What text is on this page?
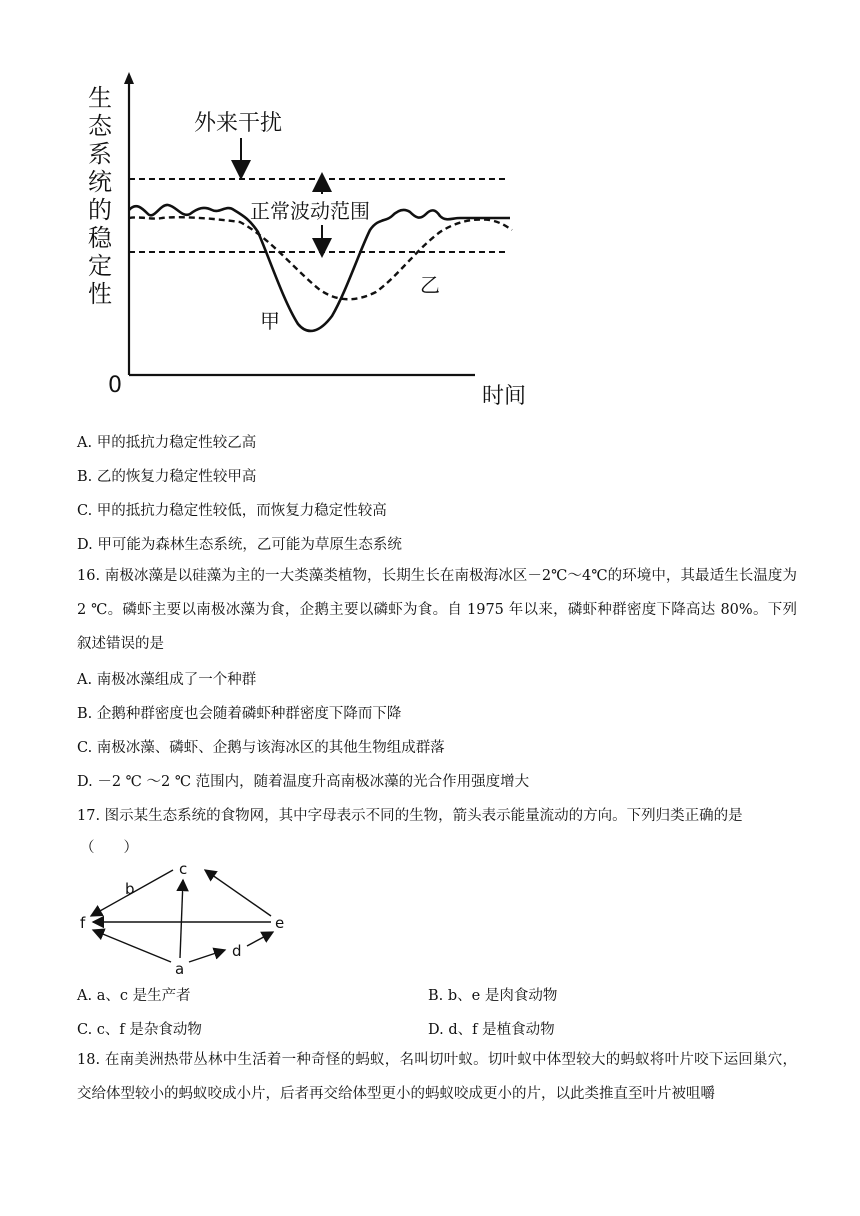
生
态
系
统
的
稳
定
性
0	时间
外来干扰
正常波动范围
甲
乙
A. 甲的抵抗力稳定性较乙高
B. 乙的恢复力稳定性较甲高
C. 甲的抵抗力稳定性较低，而恢复力稳定性较高
D. 甲可能为森林生态系统，乙可能为草原生态系统
16. 南极冰藻是以硅藻为主的一大类藻类植物，长期生长在南极海冰区－2℃～4℃的环境中，其最适生长温度为 2 ℃。磷虾主要以南极冰藻为食，企鹅主要以磷虾为食。自 1975 年以来，磷虾种群密度下降高达 80%。下列叙述错误的是
A. 南极冰藻组成了一个种群
B. 企鹅种群密度也会随着磷虾种群密度下降而下降
C. 南极冰藻、磷虾、企鹅与该海冰区的其他生物组成群落
D. －2 ℃ ～2 ℃ 范围内，随着温度升高南极冰藻的光合作用强度增大
17. 图示某生态系统的食物网，其中字母表示不同的生物，箭头表示能量流动的方向。下列归类正确的是
（　　）
c
b
f	e
d
a
A. a、c 是生产者	B. b、e 是肉食动物
C. c、f 是杂食动物	D. d、f 是植食动物
18. 在南美洲热带丛林中生活着一种奇怪的蚂蚁，名叫切叶蚁。切叶蚁中体型较大的蚂蚁将叶片咬下运回巢穴，交给体型较小的蚂蚁咬成小片，后者再交给体型更小的蚂蚁咬成更小的片，以此类推直至叶片被咀嚼
